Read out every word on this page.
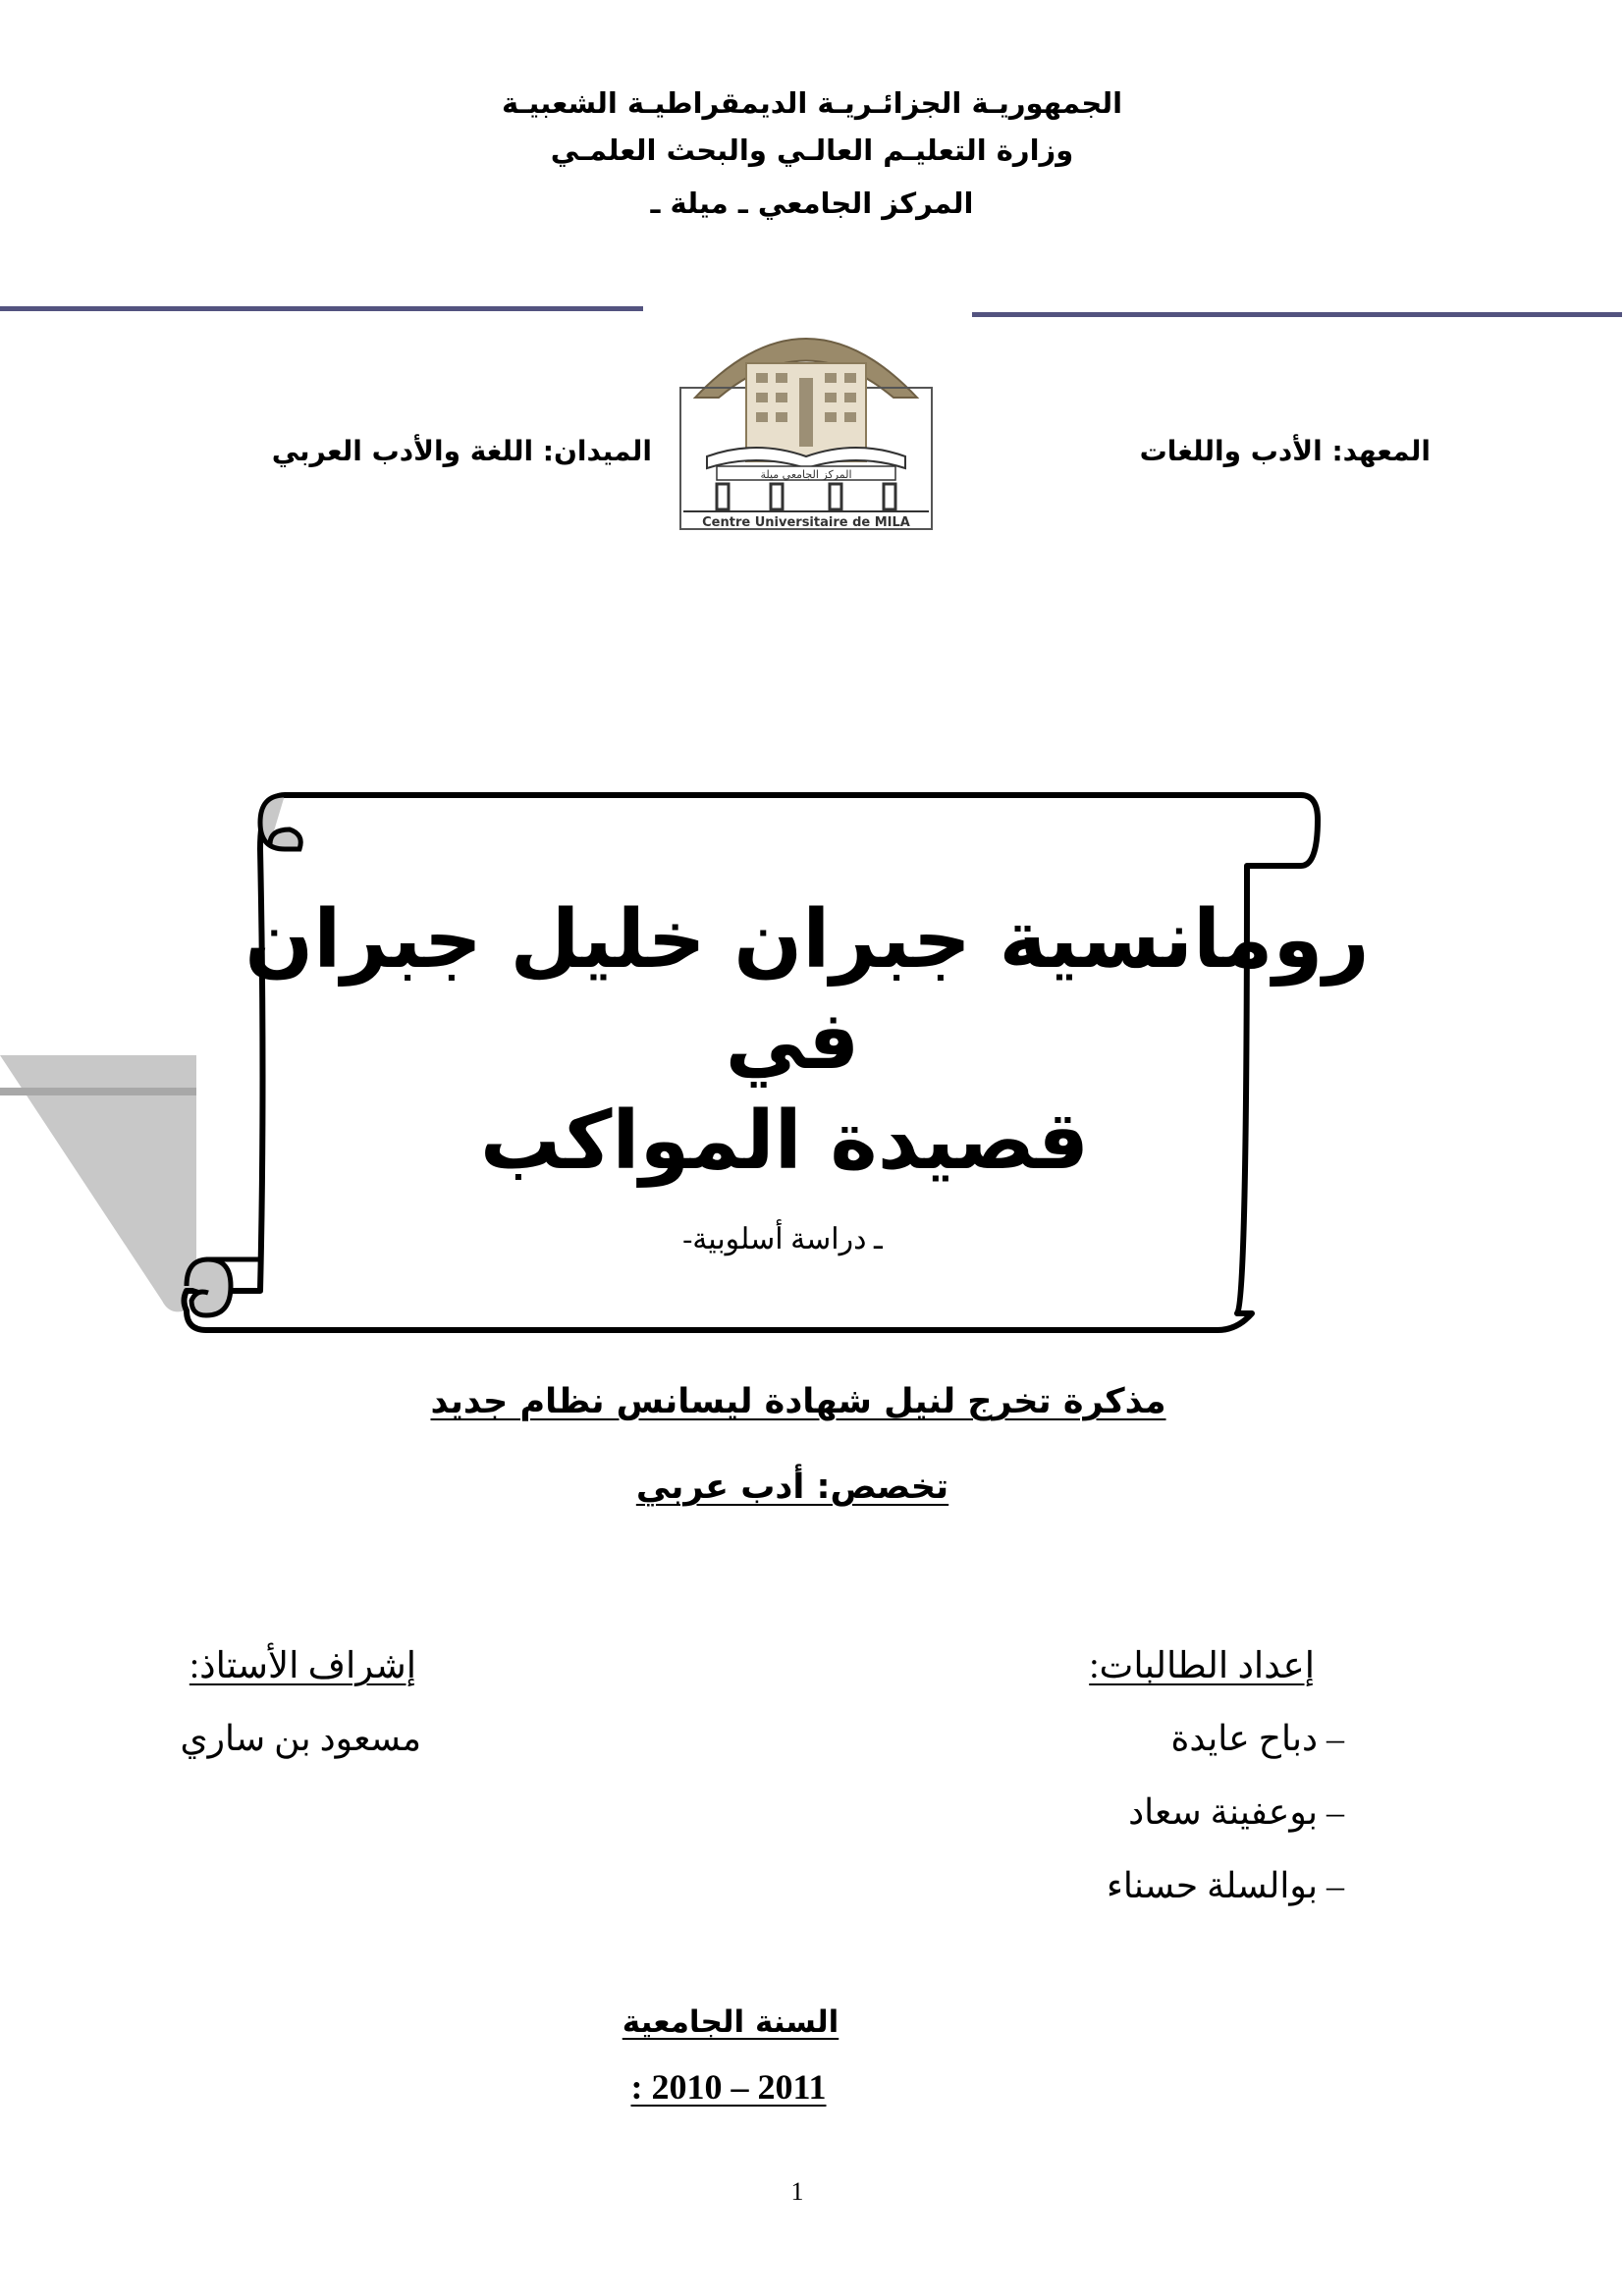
الجمهوريـة الجزائـريـة الديمقراطيـة الشعبيـة
وزارة التعليـم العالـي والبحث العلمـي
المركز الجامعي ـ ميلة ـ
المعهد: الأدب واللغات
الميدان: اللغة والأدب العربي
المركز الجامعي ميلة
Centre Universitaire de MILA
رومانسية جبران خليل جبران
في
قصيدة المواكب
ـ دراسة أسلوبية-
مذكرة تخرج لنيل شهادة ليسانس نظام جديد
تخصص: أدب عربي
إعداد الطالبات:
– دباح عايدة
– بوعفينة سعاد
– بوالسلة حسناء
إشراف الأستاذ:
مسعود بن ساري
السنة الجامعية
2011 – 2010 :
1
